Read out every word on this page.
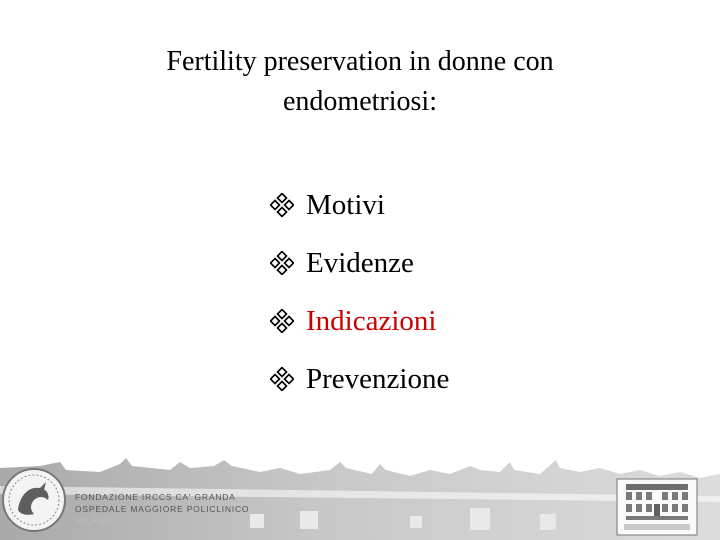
Fertility preservation in donne con
endometriosi:
Motivi
Evidenze
Indicazioni
Prevenzione
FONDAZIONE IRCCS CA' GRANDA
OSPEDALE MAGGIORE POLICLINICO
MILANO
